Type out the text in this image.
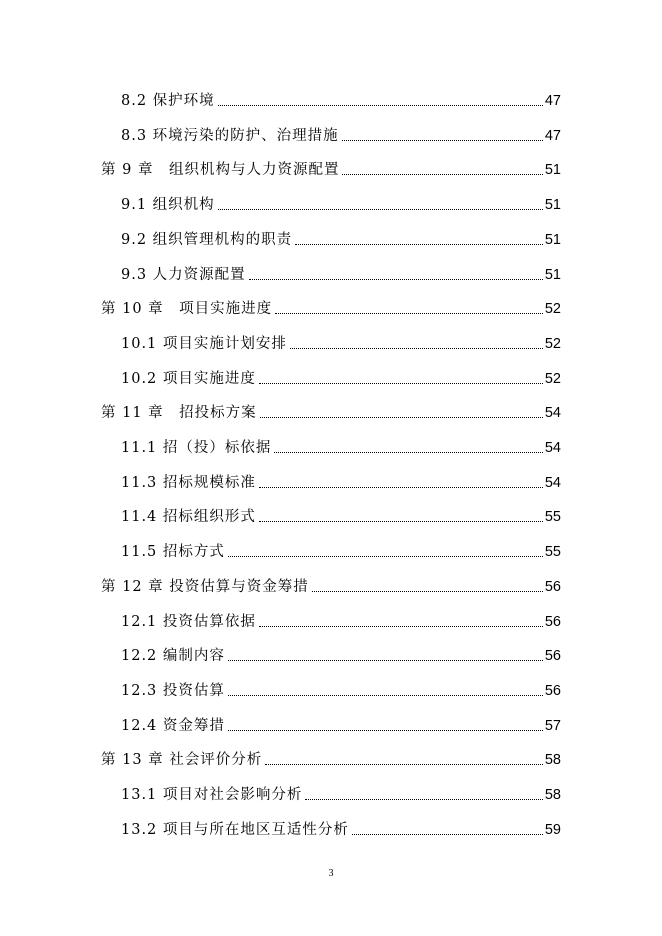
8.2 保护环境	47
8.3 环境污染的防护、治理措施	47
第 9 章　组织机构与人力资源配置	51
9.1 组织机构	51
9.2 组织管理机构的职责	51
9.3 人力资源配置	51
第 10 章　项目实施进度	52
10.1 项目实施计划安排	52
10.2 项目实施进度	52
第 11 章　招投标方案	54
11.1 招（投）标依据	54
11.3 招标规模标准	54
11.4 招标组织形式	55
11.5 招标方式	55
第 12 章 投资估算与资金筹措	56
12.1 投资估算依据	56
12.2 编制内容	56
12.3 投资估算	56
12.4 资金筹措	57
第 13 章 社会评价分析	58
13.1 项目对社会影响分析	58
13.2 项目与所在地区互适性分析	59
3
